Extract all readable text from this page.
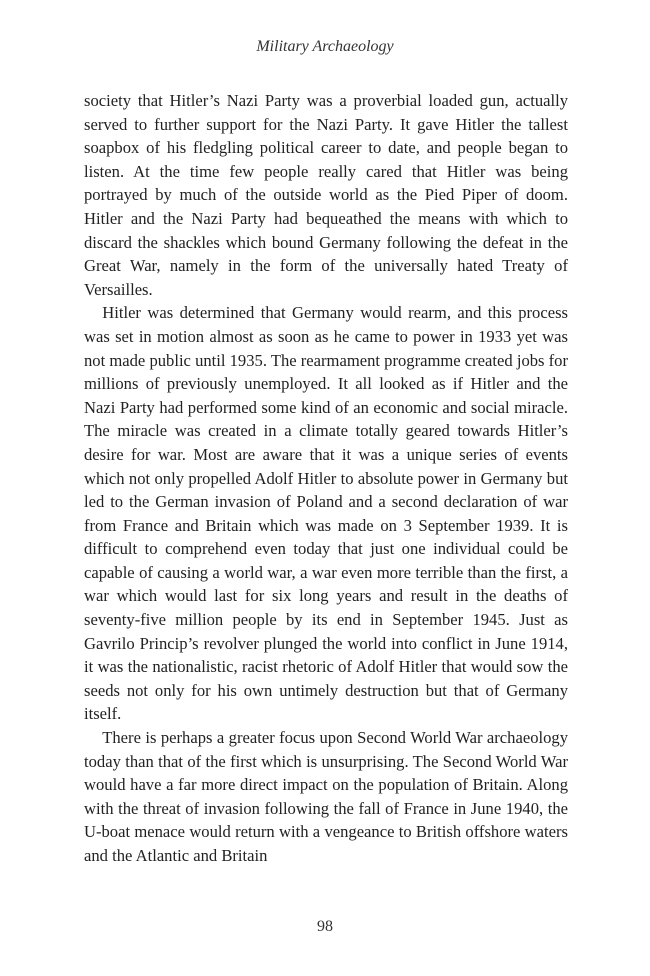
Military Archaeology

society that Hitler’s Nazi Party was a proverbial loaded gun, actually served to further support for the Nazi Party. It gave Hitler the tallest soapbox of his fledgling political career to date, and people began to listen. At the time few people really cared that Hitler was being portrayed by much of the outside world as the Pied Piper of doom. Hitler and the Nazi Party had bequeathed the means with which to discard the shackles which bound Germany following the defeat in the Great War, namely in the form of the universally hated Treaty of Versailles.

Hitler was determined that Germany would rearm, and this process was set in motion almost as soon as he came to power in 1933 yet was not made public until 1935. The rearmament programme created jobs for millions of previously unemployed. It all looked as if Hitler and the Nazi Party had performed some kind of an economic and social miracle. The miracle was created in a climate totally geared towards Hitler’s desire for war. Most are aware that it was a unique series of events which not only propelled Adolf Hitler to absolute power in Germany but led to the German invasion of Poland and a second declaration of war from France and Britain which was made on 3 September 1939. It is difficult to comprehend even today that just one individual could be capable of causing a world war, a war even more terrible than the first, a war which would last for six long years and result in the deaths of seventy-five million people by its end in September 1945. Just as Gavrilo Princip’s revolver plunged the world into conflict in June 1914, it was the nationalistic, racist rhetoric of Adolf Hitler that would sow the seeds not only for his own untimely destruction but that of Germany itself.

There is perhaps a greater focus upon Second World War archaeology today than that of the first which is unsurprising. The Second World War would have a far more direct impact on the population of Britain. Along with the threat of invasion following the fall of France in June 1940, the U-boat menace would return with a vengeance to British offshore waters and the Atlantic and Britain

98
